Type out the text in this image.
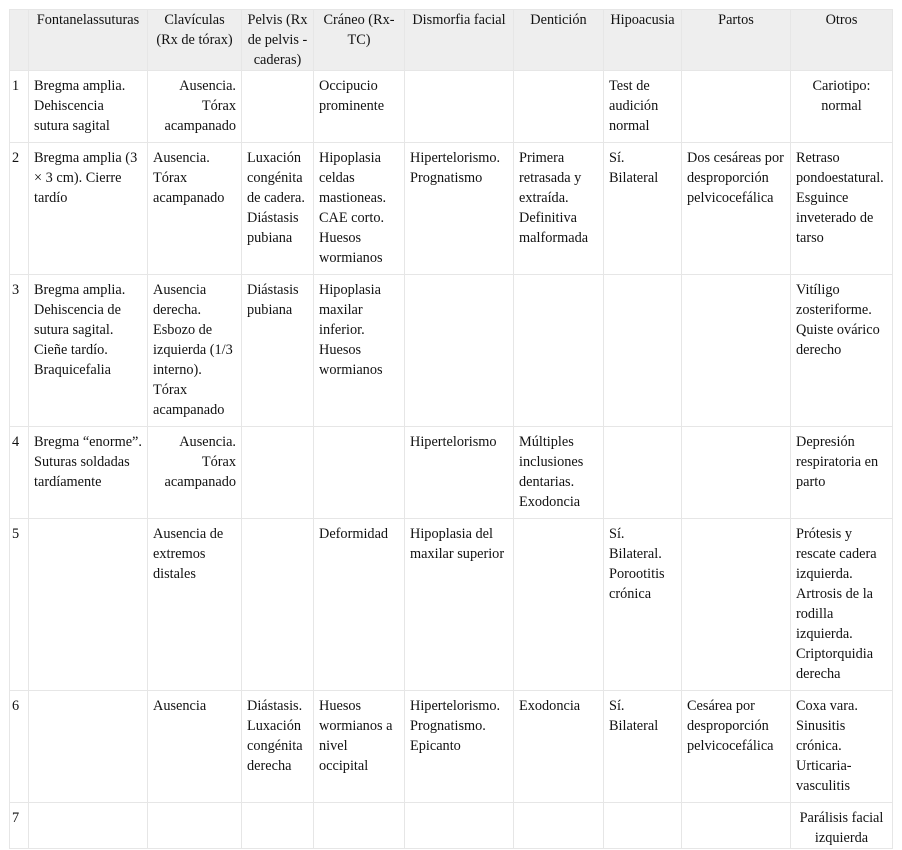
	Fontanelassuturas	Clavículas (Rx de tórax)	Pelvis (Rx de pelvis - caderas)	Cráneo (Rx-TC)	Dismorfia facial	Dentición	Hipoacusia	Partos	Otros
1	Bregma amplia. Dehiscencia sutura sagital	Ausencia. Tórax acampanado		Occipucio prominente			Test de audición normal		Cariotipo: normal
2	Bregma amplia (3 × 3 cm). Cierre tardío	Ausencia. Tórax acampanado	Luxación congénita de cadera. Diástasis pubiana	Hipoplasia celdas mastioneas. CAE corto. Huesos wormianos	Hipertelorismo. Prognatismo	Primera retrasada y extraída. Definitiva malformada	Sí. Bilateral	Dos cesáreas por desproporción pelvicocefálica	Retraso pondoestatural. Esguince inveterado de tarso
3	Bregma amplia. Dehiscencia de sutura sagital. Cieñe tardío. Braquicefalia	Ausencia derecha. Esbozo de izquierda (1/3 interno). Tórax acampanado	Diástasis pubiana	Hipoplasia maxilar inferior. Huesos wormianos					Vitíligo zosteriforme. Quiste ovárico derecho
4	Bregma “enorme”. Suturas soldadas tardíamente	Ausencia. Tórax acampanado			Hipertelorismo	Múltiples inclusiones dentarias. Exodoncia			Depresión respiratoria en parto
5		Ausencia de extremos distales		Deformidad	Hipoplasia del maxilar superior		Sí. Bilateral. Porootitis crónica		Prótesis y rescate cadera izquierda. Artrosis de la rodilla izquierda. Criptorquidia derecha
6		Ausencia	Diástasis. Luxación congénita derecha	Huesos wormianos a nivel occipital	Hipertelorismo. Prognatismo. Epicanto	Exodoncia	Sí. Bilateral	Cesárea por desproporción pelvicocefálica	Coxa vara. Sinusitis crónica. Urticaria-vasculitis
7									Parálisis facial izquierda
